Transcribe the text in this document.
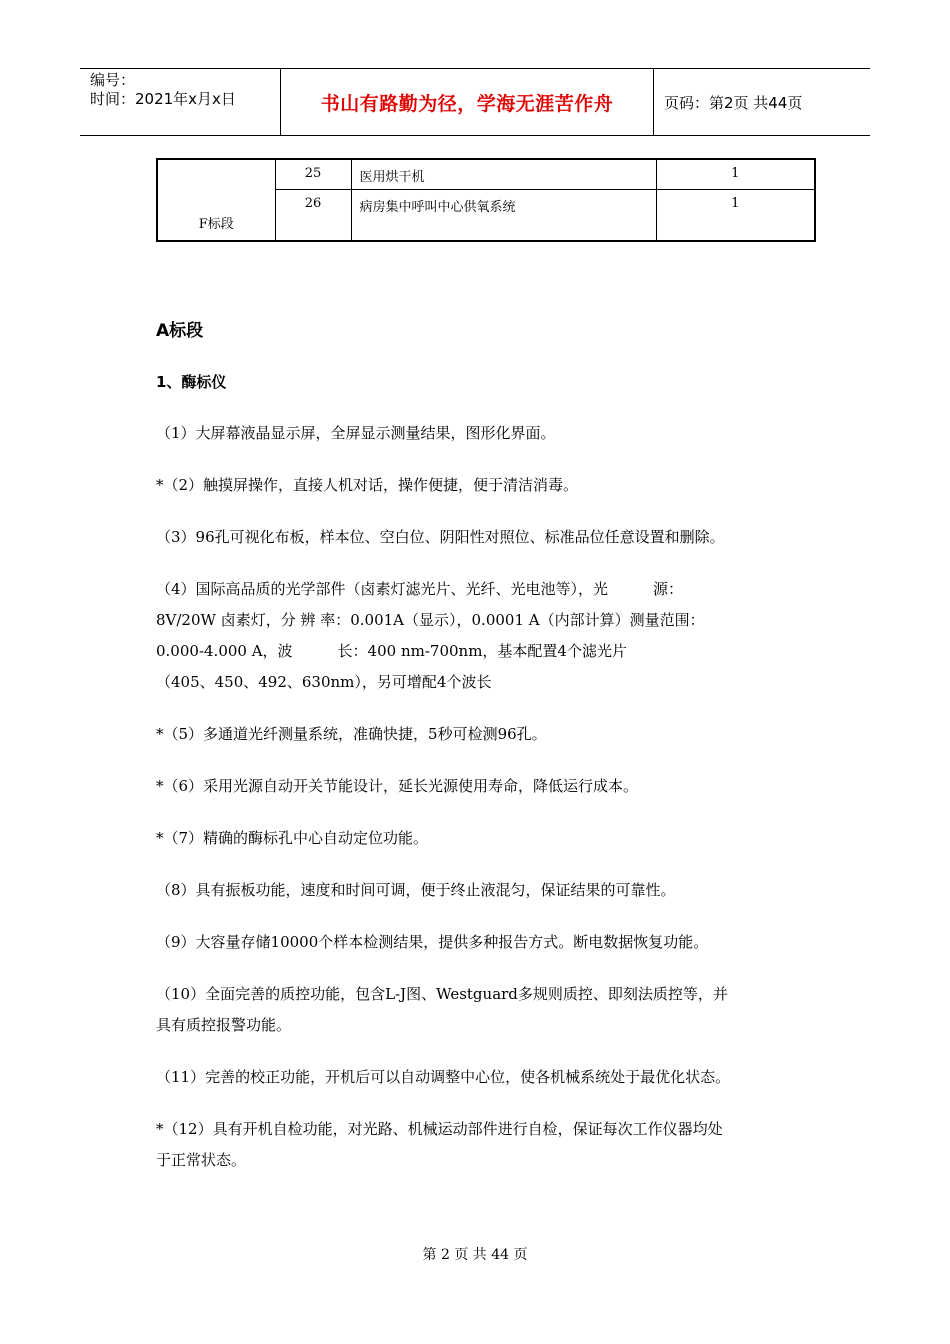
编号：
时间：2021年x月x日	书山有路勤为径，学海无涯苦作舟	页码：第2页 共44页
F标段	25	医用烘干机	1
	26	病房集中呼叫中心供氧系统	1
A标段
1、酶标仪
（1）大屏幕液晶显示屏，全屏显示测量结果，图形化界面。
*（2）触摸屏操作，直接人机对话，操作便捷，便于清洁消毒。
（3）96孔可视化布板，样本位、空白位、阴阳性对照位、标准品位任意设置和删除。
（4）国际高品质的光学部件（卤素灯滤光片、光纤、光电池等），光　　　源：
8V/20W 卤素灯，分 辨 率：0.001A（显示），0.0001 A（内部计算）测量范围：
0.000-4.000 A，波　　　长：400 nm-700nm，基本配置4个滤光片
（405、450、492、630nm），另可增配4个波长
*（5）多通道光纤测量系统，准确快捷，5秒可检测96孔。
*（6）采用光源自动开关节能设计，延长光源使用寿命，降低运行成本。
*（7）精确的酶标孔中心自动定位功能。
（8）具有振板功能，速度和时间可调，便于终止液混匀，保证结果的可靠性。
（9）大容量存储10000个样本检测结果，提供多种报告方式。断电数据恢复功能。
（10）全面完善的质控功能，包含L-J图、Westguard多规则质控、即刻法质控等，并
具有质控报警功能。
（11）完善的校正功能，开机后可以自动调整中心位，使各机械系统处于最优化状态。
*（12）具有开机自检功能，对光路、机械运动部件进行自检，保证每次工作仪器均处
于正常状态。
第 2 页 共 44 页
